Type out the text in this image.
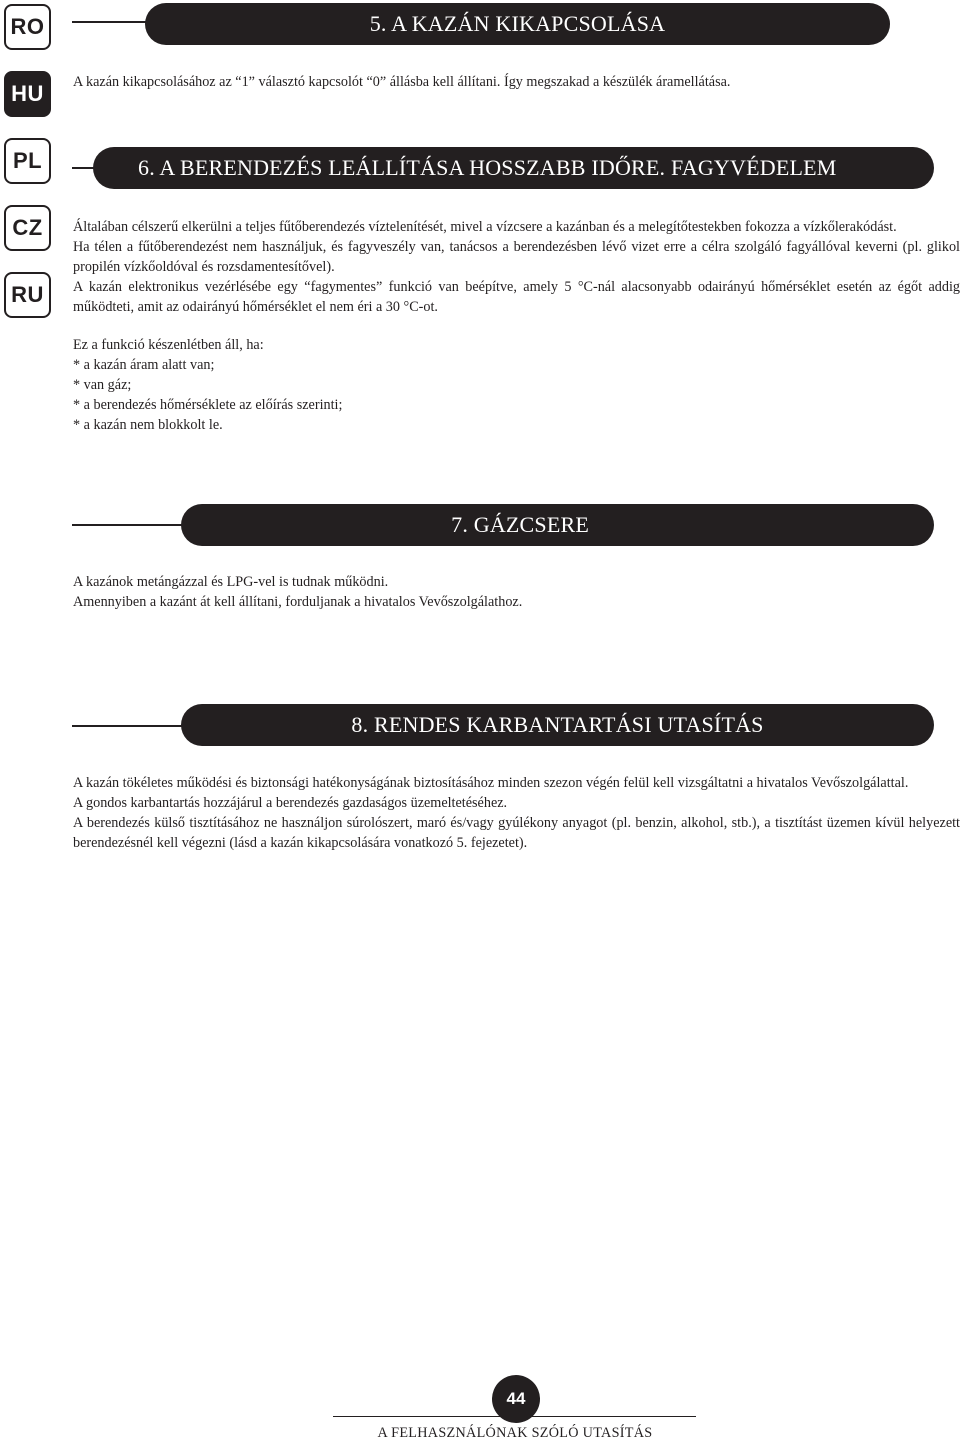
RO
HU
PL
CZ
RU
5. A KAZÁN KIKAPCSOLÁSA

A kazán kikapcsolásához az “1” választó kapcsolót “0” állásba kell állítani. Így megszakad a készülék áramellátása.

6. A BERENDEZÉS LEÁLLÍTÁSA HOSSZABB IDŐRE. FAGYVÉDELEM

Általában célszerű elkerülni a teljes fűtőberendezés víztelenítését, mivel a vízcsere a kazánban és a melegítőtestekben fokozza a vízkőlerakódást.

Ha télen a fűtőberendezést nem használjuk, és fagyveszély van, tanácsos a berendezésben lévő vizet erre a célra szolgáló fagyállóval keverni (pl. glikol propilén vízkőoldóval és rozsdamentesítővel).

A kazán elektronikus vezérlésébe egy “fagymentes” funkció van beépítve, amely 5 °C-nál alacsonyabb odairányú hőmérséklet esetén az égőt addig működteti, amit az odairányú hőmérséklet el nem éri a 30 °C-ot.

Ez a funkció készenlétben áll, ha:

* a kazán áram alatt van;

* van gáz;

* a berendezés hőmérséklete az előírás szerinti;

* a kazán nem blokkolt le.

7. GÁZCSERE

A kazánok metángázzal és LPG-vel is tudnak működni.

Amennyiben a kazánt át kell állítani, forduljanak a hivatalos Vevőszolgálathoz.

8. RENDES KARBANTARTÁSI UTASÍTÁS

A kazán tökéletes működési és biztonsági hatékonyságának biztosításához minden szezon végén felül kell vizsgáltatni a hivatalos Vevőszolgálattal.

A gondos karbantartás hozzájárul a berendezés gazdaságos üzemeltetéséhez.

A berendezés külső tisztításához ne használjon súrolószert, maró és/vagy gyúlékony anyagot (pl. benzin, alkohol, stb.), a tisztítást üzemen kívül helyezett berendezésnél kell végezni (lásd a kazán kikapcsolására vonatkozó 5. fejezetet).

44
A FELHASZNÁLÓNAK SZÓLÓ UTASÍTÁS
